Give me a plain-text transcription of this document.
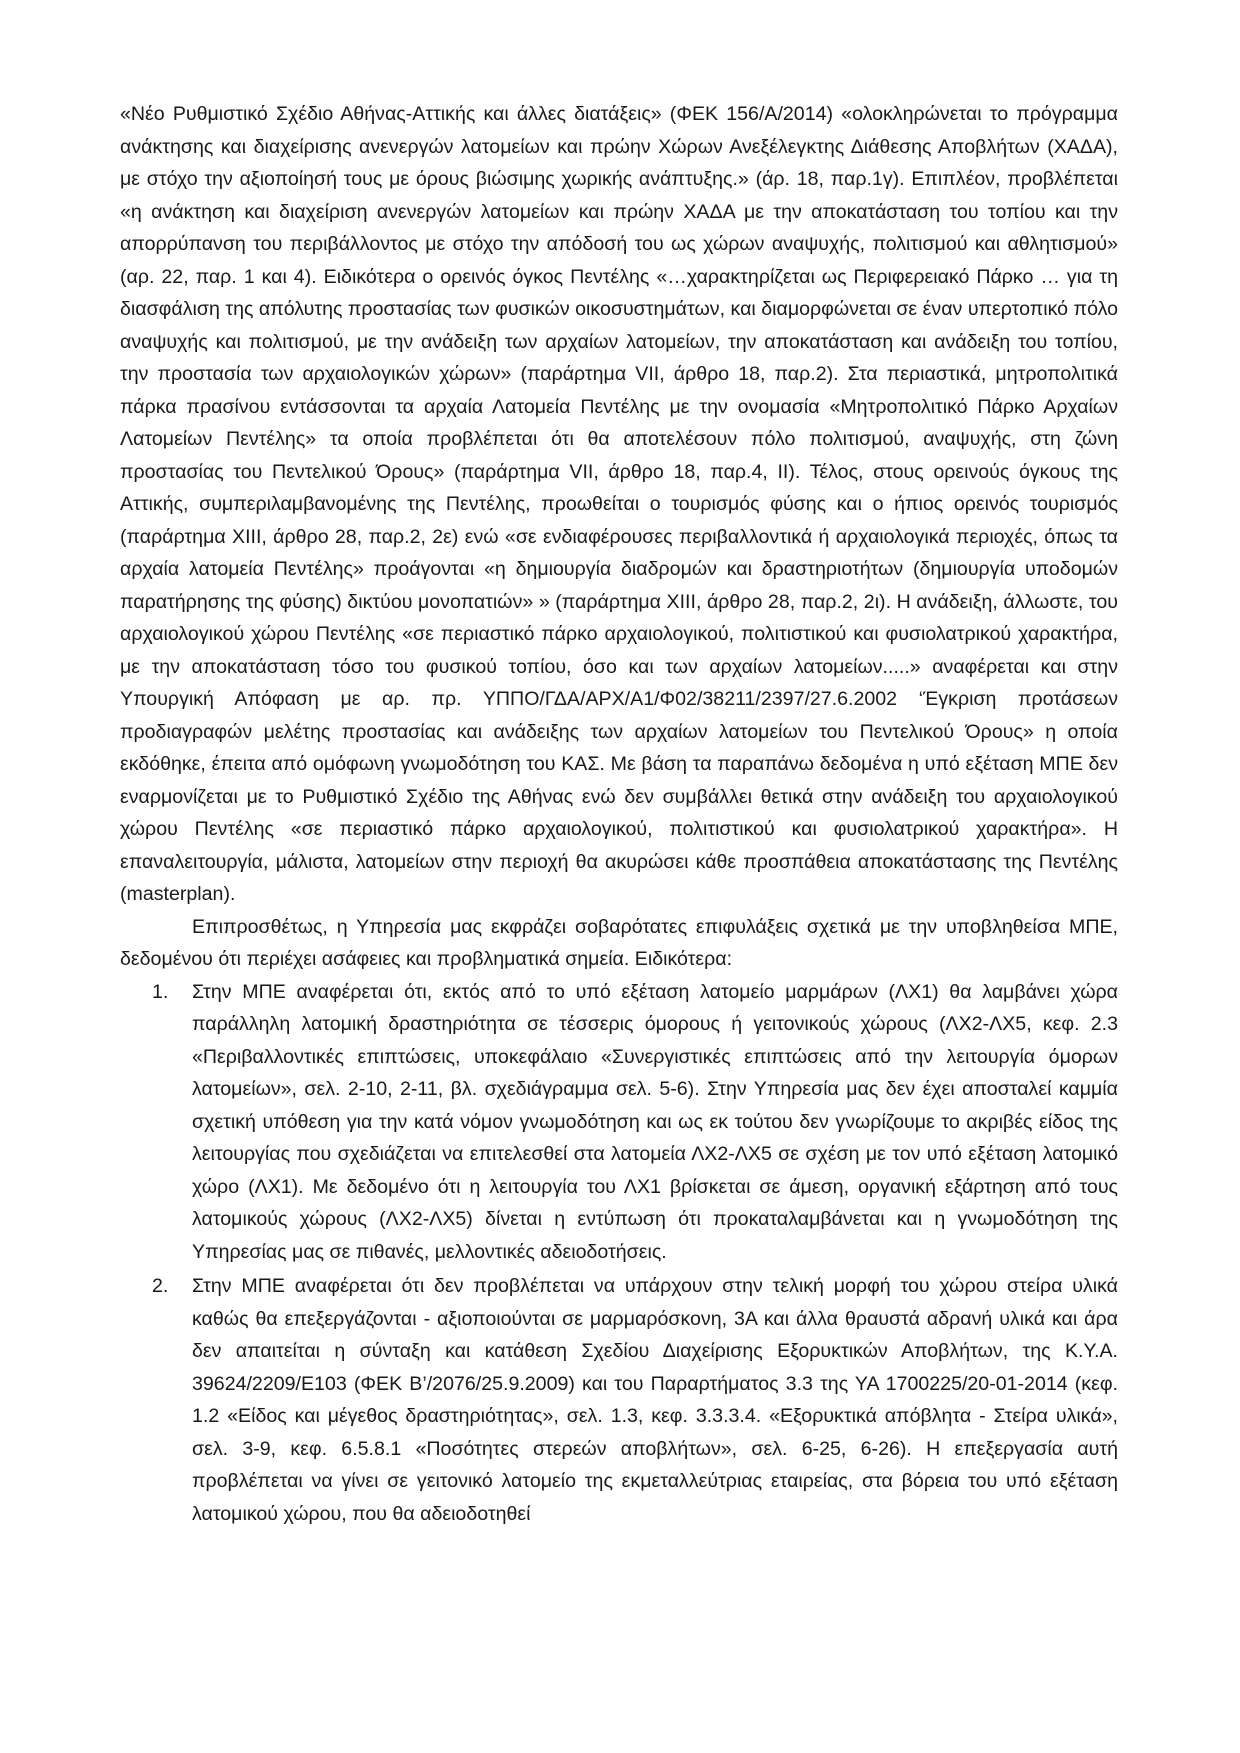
«Νέο Ρυθμιστικό Σχέδιο Αθήνας-Αττικής και άλλες διατάξεις» (ΦΕΚ 156/Α/2014) «ολοκληρώνεται το πρόγραμμα ανάκτησης και διαχείρισης ανενεργών λατομείων και πρώην Χώρων Ανεξέλεγκτης Διάθεσης Αποβλήτων (ΧΑΔΑ), με στόχο την αξιοποίησή τους με όρους βιώσιμης χωρικής ανάπτυξης.» (άρ. 18, παρ.1γ). Επιπλέον, προβλέπεται «η ανάκτηση και διαχείριση ανενεργών λατομείων και πρώην ΧΑΔΑ με την αποκατάσταση του τοπίου και την απορρύπανση του περιβάλλοντος με στόχο την απόδοσή του ως χώρων αναψυχής, πολιτισμού και αθλητισμού» (αρ. 22, παρ. 1 και 4). Ειδικότερα ο ορεινός όγκος Πεντέλης «…χαρακτηρίζεται ως Περιφερειακό Πάρκο … για τη διασφάλιση της απόλυτης προστασίας των φυσικών οικοσυστημάτων, και διαμορφώνεται σε έναν υπερτοπικό πόλο αναψυχής και πολιτισμού, με την ανάδειξη των αρχαίων λατομείων, την αποκατάσταση και ανάδειξη του τοπίου, την προστασία των αρχαιολογικών χώρων» (παράρτημα VII, άρθρο 18, παρ.2). Στα περιαστικά, μητροπολιτικά πάρκα πρασίνου εντάσσονται τα αρχαία Λατομεία Πεντέλης με την ονομασία «Μητροπολιτικό Πάρκο Αρχαίων Λατομείων Πεντέλης» τα οποία προβλέπεται ότι θα αποτελέσουν πόλο πολιτισμού, αναψυχής, στη ζώνη προστασίας του Πεντελικού Όρους» (παράρτημα VII, άρθρο 18, παρ.4, ΙΙ). Τέλος, στους ορεινούς όγκους της Αττικής, συμπεριλαμβανομένης της Πεντέλης, προωθείται ο τουρισμός φύσης και ο ήπιος ορεινός τουρισμός (παράρτημα XIII, άρθρο 28, παρ.2, 2ε) ενώ «σε ενδιαφέρουσες περιβαλλοντικά ή αρχαιολογικά περιοχές, όπως τα αρχαία λατομεία Πεντέλης» προάγονται «η δημιουργία διαδρομών και δραστηριοτήτων (δημιουργία υποδομών παρατήρησης της φύσης) δικτύου μονοπατιών» » (παράρτημα XIII, άρθρο 28, παρ.2, 2ι). Η ανάδειξη, άλλωστε, του αρχαιολογικού χώρου Πεντέλης «σε περιαστικό πάρκο αρχαιολογικού, πολιτιστικού και φυσιολατρικού χαρακτήρα, με την αποκατάσταση τόσο του φυσικού τοπίου, όσο και των αρχαίων λατομείων.....» αναφέρεται και στην Υπουργική Απόφαση με αρ. πρ. ΥΠΠΟ/ΓΔΑ/ΑΡΧ/Α1/Φ02/38211/2397/27.6.2002 ‘Έγκριση προτάσεων προδιαγραφών μελέτης προστασίας και ανάδειξης των αρχαίων λατομείων του Πεντελικού Όρους» η οποία εκδόθηκε, έπειτα από ομόφωνη γνωμοδότηση του ΚΑΣ. Με βάση τα παραπάνω δεδομένα η υπό εξέταση ΜΠΕ δεν εναρμονίζεται με το Ρυθμιστικό Σχέδιο της Αθήνας ενώ δεν συμβάλλει θετικά στην ανάδειξη του αρχαιολογικού χώρου Πεντέλης «σε περιαστικό πάρκο αρχαιολογικού, πολιτιστικού και φυσιολατρικού χαρακτήρα». Η επαναλειτουργία, μάλιστα, λατομείων στην περιοχή θα ακυρώσει κάθε προσπάθεια αποκατάστασης της Πεντέλης (masterplan).

Επιπροσθέτως, η Υπηρεσία μας εκφράζει σοβαρότατες επιφυλάξεις σχετικά με την υποβληθείσα ΜΠΕ, δεδομένου ότι περιέχει ασάφειες και προβληματικά σημεία. Ειδικότερα:

1.	Στην ΜΠΕ αναφέρεται ότι, εκτός από το υπό εξέταση λατομείο μαρμάρων (ΛΧ1) θα λαμβάνει χώρα παράλληλη λατομική δραστηριότητα σε τέσσερις όμορους ή γειτονικούς χώρους (ΛΧ2-ΛΧ5, κεφ. 2.3 «Περιβαλλοντικές επιπτώσεις, υποκεφάλαιο «Συνεργιστικές επιπτώσεις από την λειτουργία όμορων λατομείων», σελ. 2-10, 2-11, βλ. σχεδιάγραμμα σελ. 5-6). Στην Υπηρεσία μας δεν έχει αποσταλεί καμμία σχετική υπόθεση για την κατά νόμον γνωμοδότηση και ως εκ τούτου δεν γνωρίζουμε το ακριβές είδος της λειτουργίας που σχεδιάζεται να επιτελεσθεί στα λατομεία ΛΧ2-ΛΧ5 σε σχέση με τον υπό εξέταση λατομικό χώρο (ΛΧ1). Με δεδομένο ότι η λειτουργία του ΛΧ1 βρίσκεται σε άμεση, οργανική εξάρτηση από τους λατομικούς χώρους (ΛΧ2-ΛΧ5) δίνεται η εντύπωση ότι προκαταλαμβάνεται και η γνωμοδότηση της Υπηρεσίας μας σε πιθανές, μελλοντικές αδειοδοτήσεις.
2.	Στην ΜΠΕ αναφέρεται ότι δεν προβλέπεται να υπάρχουν στην τελική μορφή του χώρου στείρα υλικά καθώς θα επεξεργάζονται - αξιοποιούνται σε μαρμαρόσκονη, 3Α και άλλα θραυστά αδρανή υλικά και άρα δεν απαιτείται η σύνταξη και κατάθεση Σχεδίου Διαχείρισης Εξορυκτικών Αποβλήτων, της Κ.Υ.Α. 39624/2209/Ε103 (ΦΕΚ Β’/2076/25.9.2009) και του Παραρτήματος 3.3 της ΥΑ 1700225/20-01-2014 (κεφ. 1.2 «Είδος και μέγεθος δραστηριότητας», σελ. 1.3, κεφ. 3.3.3.4. «Εξορυκτικά απόβλητα - Στείρα υλικά», σελ. 3-9, κεφ. 6.5.8.1 «Ποσότητες στερεών αποβλήτων», σελ. 6-25, 6-26). Η επεξεργασία αυτή προβλέπεται να γίνει σε γειτονικό λατομείο της εκμεταλλεύτριας εταιρείας, στα βόρεια του υπό εξέταση λατομικού χώρου, που θα αδειοδοτηθεί
